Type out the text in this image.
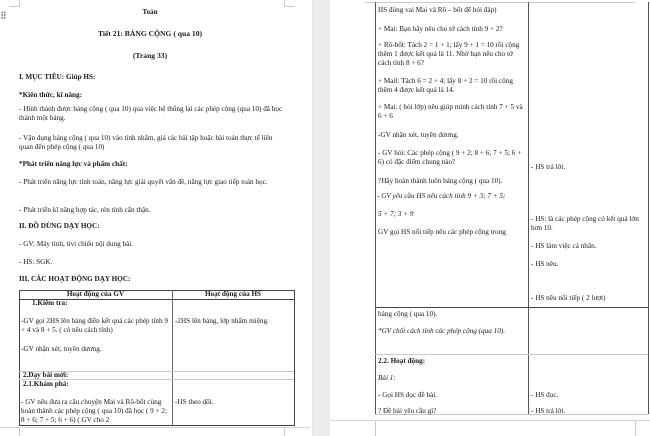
Toán
Tiết 21: BẢNG CỘNG ( qua 10)
(Trang 33)
I. MỤC TIÊU: Giúp HS:
*Kiến thức, kĩ năng:
- Hình thành được bảng cộng ( qua 10) qua việc hệ thống lại các phép cộng (qua 10) đã học thành một bảng.
- Vận dụng bảng cộng ( qua 10) vào tính nhẩm, giả các bài tập hoặc bài toán thực tế liên quan đến phép cộng ( qua 10)
*Phát triển năng lực và phẩm chất:
- Phát triển năng lực tính toán, năng lực giải quyết vấn đề, năng lực giao tiếp toán học.
- Phát triển kĩ năng hợp tác, rèn tính cẩn thận.
II. ĐỒ DÙNG DẠY HỌC:
- GV: Máy tính, tivi chiếu nội dung bài.
- HS: SGK.
III. CÁC HOẠT ĐỘNG DẠY HỌC:
Hoạt động của GV	Hoạt động của HS
1.Kiểm tra:
-GV gọi 2HS lên bảng điền kết quả các phép tính 9 + 4 và 8 + 5. ( có nêu cách tính)
-GV nhận xét, tuyên dương.
-2HS lên bảng, lớp nhẩm miệng.
2.Dạy bài mới:
2.1.Khám phá:
- GV nêu đưa ra câu chuyện Mai và Rô-bốt cùng hoàn thành các phép cộng ( qua 10) đã học ( 9 + 2; 8 + 6; 7 + 5; 6 + 6) ( GV cho 2
-HS theo dõi.
HS đóng vai Mai và Rô – bốt để hỏi đáp)
+ Mai: Bạn hãy nêu cho tớ cách tính 9 + 2?
+ Rô-bốt: Tách 2 = 1 + 1; lấy 9 + 1 = 10 rồi cộng thêm 1 được kết quả là 11. Nhờ bạn nêu cho tớ cách tính 8 + 6?
+ Mail: Tách 6 = 2 + 4; lấy 8 + 2 = 10 rồi cộng thêm 4 được kết quả là 14.
+ Mai: ( hỏi lớp) nêu giúp mình cách tính 7 + 5 và 6 + 6
-GV nhận xét, tuyên dương.
- GV hỏi: Các phép cộng ( 9 + 2; 8 + 6; 7 + 5; 6 + 6) có đặc điểm chung nào?
?Hãy hoàn thành luôn bảng cộng ( qua 10).
- GV yêu cầu HS nêu cách tính 9 + 3; 7 + 5;
5 + 7; 3 + 9
GV gọi HS nối tiếp nêu các phép cộng trong
- HS trả lời.
- HS: là các phép cộng có kết quả lớn hơn 10.
- HS làm việc cá nhân.
- HS nêu.
- HS nêu nối tiếp ( 2 lượt)
bảng cộng ( qua 10).
*GV chốt cách tính các phép cộng (qua 10).
2.2. Hoạt động:
Bài 1:
- Gọi HS đọc đề bài.
? Đề bài yêu cầu gì?
- HS đọc.
- HS trả lời.
